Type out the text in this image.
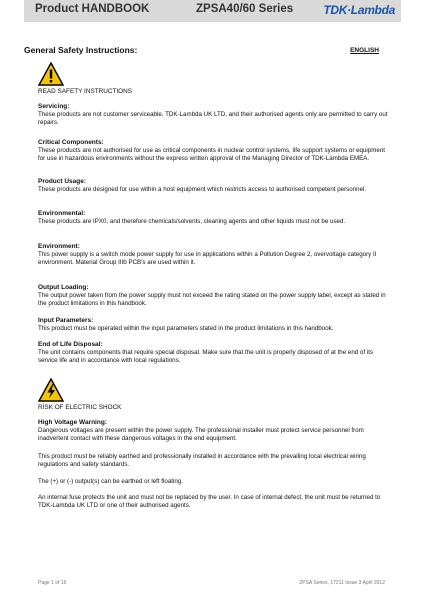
Product HANDBOOK	ZPSA40/60 Series	TDK·Lambda
General Safety Instructions:	ENGLISH
READ SAFETY INSTRUCTIONS
Servicing:

These products are not customer serviceable. TDK-Lambda UK LTD. and their authorised agents only are permitted to carry out repairs.

Critical Components:

These products are not authorised for use as critical components in nuclear control systems, life support systems or equipment for use in hazardous environments without the express written approval of the Managing Director of TDK-Lambda EMEA.

Product Usage:

These products are designed for use within a host equipment which restricts access to authorised competent personnel.

Environmental:

These products are IPX0, and therefore chemicals/solvents, cleaning agents and other liquids must not be used.

Environment:

This power supply is a switch mode power supply for use in applications within a Pollution Degree 2, overvoltage category II environment. Material Group IIIb PCB’s are used within it.

Output Loading:

The output power taken from the power supply must not exceed the rating stated on the power supply label, except as stated in the product limitations in this handbook.

Input Parameters:

This product must be operated within the input parameters stated in the product limitations in this handbook.

End of Life Disposal:

The unit contains components that require special disposal. Make sure that the unit is properly disposed of at the end of its service life and in accordance with local regulations.

RISK OF ELECTRIC SHOCK
High Voltage Warning:

Dangerous voltages are present within the power supply. The professional installer must protect service personnel from inadvertent contact with these dangerous voltages in the end equipment.

This product must be reliably earthed and professionally installed in accordance with the prevailing local electrical wiring regulations and safety standards.

The (+) or (-) output(s) can be earthed or left floating.

An internal fuse protects the unit and must not be replaced by the user. In case of internal defect, the unit must be returned to TDK-Lambda UK LTD or one of their authorised agents.

Page 1 of 16	ZPSA Series, 17211 Issue 3 April 2012
